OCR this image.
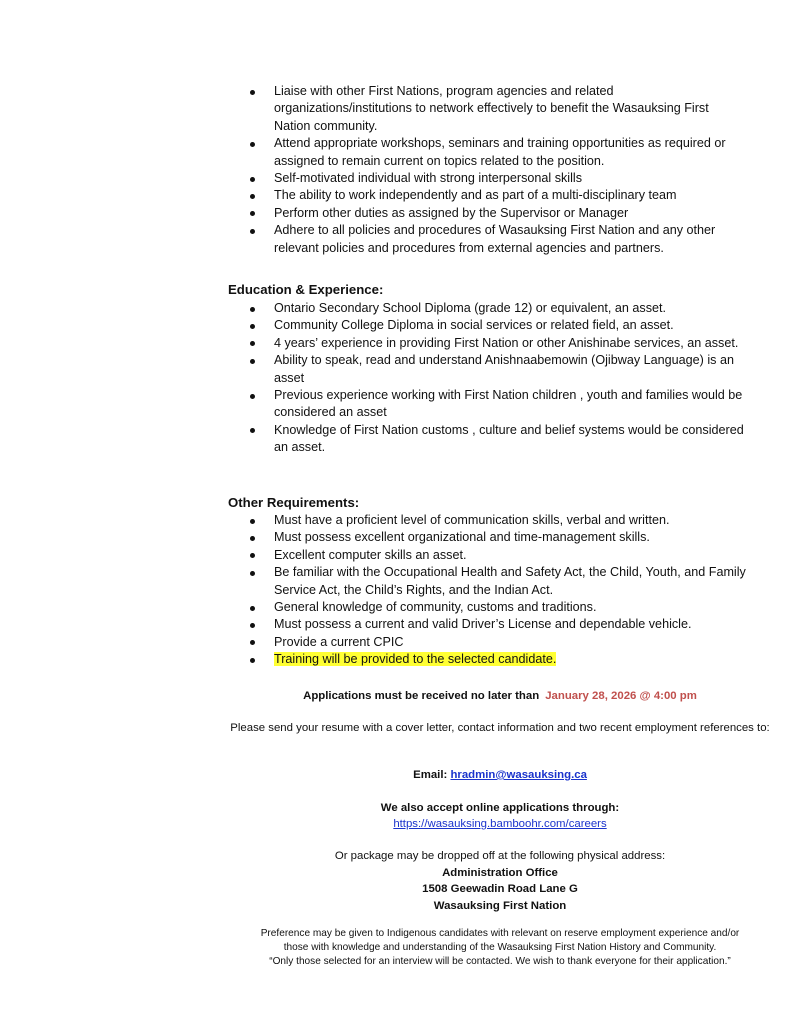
Liaise with other First Nations, program agencies and related organizations/institutions to network effectively to benefit the Wasauksing First Nation community.
Attend appropriate workshops, seminars and training opportunities as required or assigned to remain current on topics related to the position.
Self-motivated individual with strong interpersonal skills
The ability to work independently and as part of a multi-disciplinary team
Perform other duties as assigned by the Supervisor or Manager
Adhere to all policies and procedures of Wasauksing First Nation and any other relevant policies and procedures from external agencies and partners.
Education & Experience:
Ontario Secondary School Diploma (grade 12) or equivalent, an asset.
Community College Diploma in social services or related field, an asset.
4 years’ experience in providing First Nation or other Anishinabe services, an asset.
Ability to speak, read and understand Anishnaabemowin (Ojibway Language) is an asset
Previous experience working with First Nation children , youth and families would be considered an asset
Knowledge of First Nation customs , culture and belief systems would be considered an asset.
Other Requirements:
Must have a proficient level of communication skills, verbal and written.
Must possess excellent organizational and time-management skills.
Excellent computer skills an asset.
Be familiar with the Occupational Health and Safety Act, the Child, Youth, and Family Service Act, the Child’s Rights, and the Indian Act.
General knowledge of community, customs and traditions.
Must possess a current and valid Driver’s License and dependable vehicle.
Provide a current CPIC
Training will be provided to the selected candidate.
Applications must be received no later than January 28, 2026 @ 4:00 pm
Please send your resume with a cover letter, contact information and two recent employment references to:
Email: hradmin@wasauksing.ca
We also accept online applications through:
https://wasauksing.bamboohr.com/careers
Or package may be dropped off at the following physical address:
Administration Office
1508 Geewadin Road Lane G
Wasauksing First Nation
Preference may be given to Indigenous candidates with relevant on reserve employment experience and/or
those with knowledge and understanding of the Wasauksing First Nation History and Community.
“Only those selected for an interview will be contacted. We wish to thank everyone for their application.”
